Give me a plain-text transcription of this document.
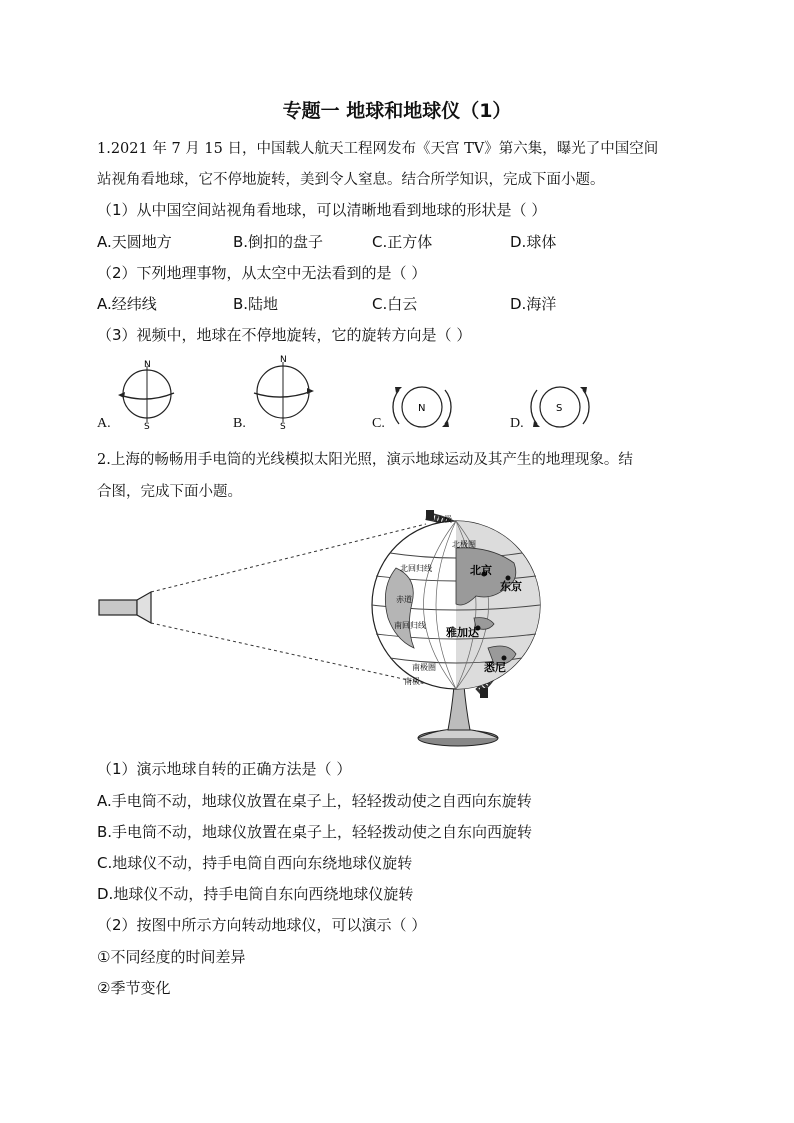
专题一 地球和地球仪（1）
1.2021 年 7 月 15 日，中国载人航天工程网发布《天宫 TV》第六集，曝光了中国空间
站视角看地球，它不停地旋转，美到令人窒息。结合所学知识，完成下面小题。
（1）从中国空间站视角看地球，可以清晰地看到地球的形状是（ ）
A.天圆地方	B.倒扣的盘子	C.正方体	D.球体
（2）下列地理事物，从太空中无法看到的是（ ）
A.经纬线	B.陆地	C.白云	D.海洋
（3）视频中，地球在不停地旋转，它的旋转方向是（ ）
A.
N
S	B.
N
S	C.
N
D.
S
2.上海的畅畅用手电筒的光线模拟太阳光照，演示地球运动及其产生的地理现象。结
合图，完成下面小题。
北极
北极圈
北回归线
赤道
南回归线
南极圈
南极
北京
东京
雅加达
悉尼
（1）演示地球自转的正确方法是（ ）
A.手电筒不动，地球仪放置在桌子上，轻轻拨动使之自西向东旋转
B.手电筒不动，地球仪放置在桌子上，轻轻拨动使之自东向西旋转
C.地球仪不动，持手电筒自西向东绕地球仪旋转
D.地球仪不动，持手电筒自东向西绕地球仪旋转
（2）按图中所示方向转动地球仪，可以演示（ ）
①不同经度的时间差异
②季节变化
